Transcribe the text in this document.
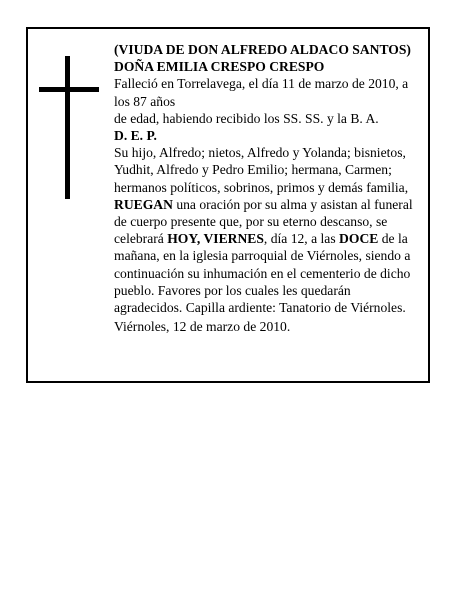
(VIUDA DE DON ALFREDO ALDACO SANTOS)

DOÑA EMILIA CRESPO CRESPO

Falleció en Torrelavega, el día 11 de marzo de 2010, a los 87 años

de edad, habiendo recibido los SS. SS. y la B. A.

D. E. P.

Su hijo, Alfredo; nietos, Alfredo y Yolanda; bisnietos, Yudhit, Alfredo y Pedro Emilio; hermana, Carmen; hermanos políticos, sobrinos, primos y demás familia, RUEGAN una oración por su alma y asistan al funeral de cuerpo presente que, por su eterno descanso, se celebrará HOY, VIERNES, día 12, a las DOCE de la mañana, en la iglesia parroquial de Viérnoles, siendo a continuación su inhumación en el cementerio de dicho pueblo. Favores por los cuales les quedarán agradecidos. Capilla ardiente: Tanatorio de Viérnoles.

Viérnoles, 12 de marzo de 2010.
